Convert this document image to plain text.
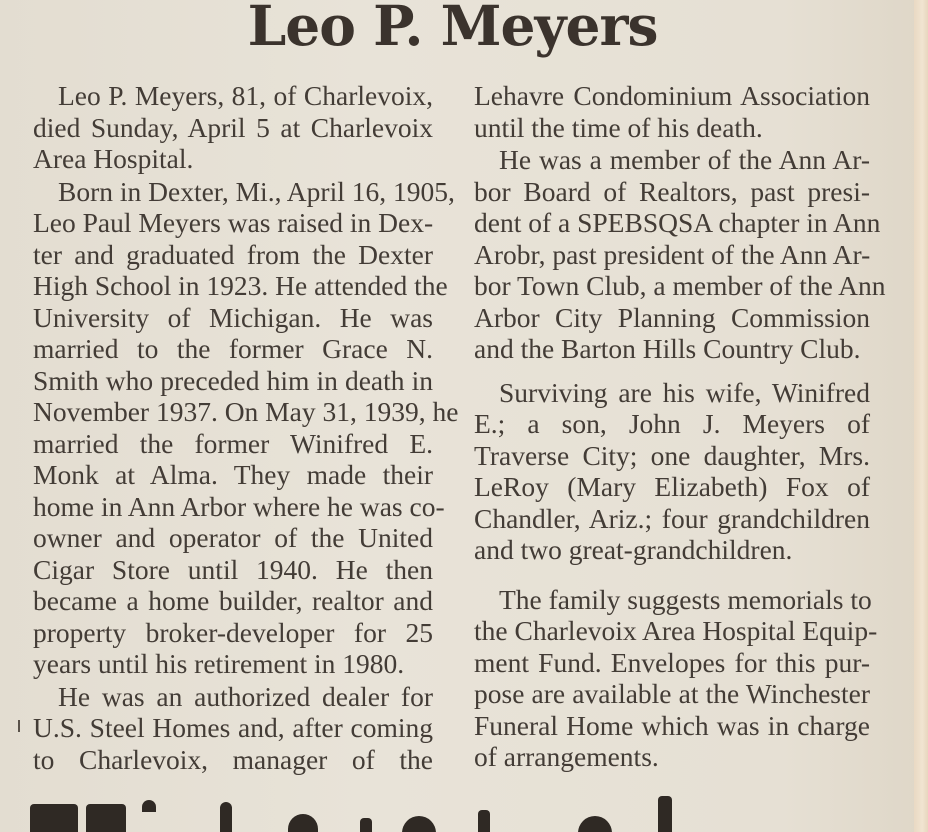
Leo P. Meyers

Leo P. Meyers, 81, of Charlevoix,
died Sunday, April 5 at Charlevoix
Area Hospital.

Born in Dexter, Mi., April 16, 1905,
Leo Paul Meyers was raised in Dex-
ter and graduated from the Dexter
High School in 1923. He attended the
University of Michigan. He was
married to the former Grace N.
Smith who preceded him in death in
November 1937. On May 31, 1939, he
married the former Winifred E.
Monk at Alma. They made their
home in Ann Arbor where he was co-
owner and operator of the United
Cigar Store until 1940. He then
became a home builder, realtor and
property broker-developer for 25
years until his retirement in 1980.

He was an authorized dealer for
U.S. Steel Homes and, after coming
to Charlevoix, manager of the

Lehavre Condominium Association
until the time of his death.

He was a member of the Ann Ar-
bor Board of Realtors, past presi-
dent of a SPEBSQSA chapter in Ann
Arobr, past president of the Ann Ar-
bor Town Club, a member of the Ann
Arbor City Planning Commission
and the Barton Hills Country Club.

Surviving are his wife, Winifred
E.; a son, John J. Meyers of
Traverse City; one daughter, Mrs.
LeRoy (Mary Elizabeth) Fox of
Chandler, Ariz.; four grandchildren
and two great-grandchildren.

The family suggests memorials to
the Charlevoix Area Hospital Equip-
ment Fund. Envelopes for this pur-
pose are available at the Winchester
Funeral Home which was in charge
of arrangements.
